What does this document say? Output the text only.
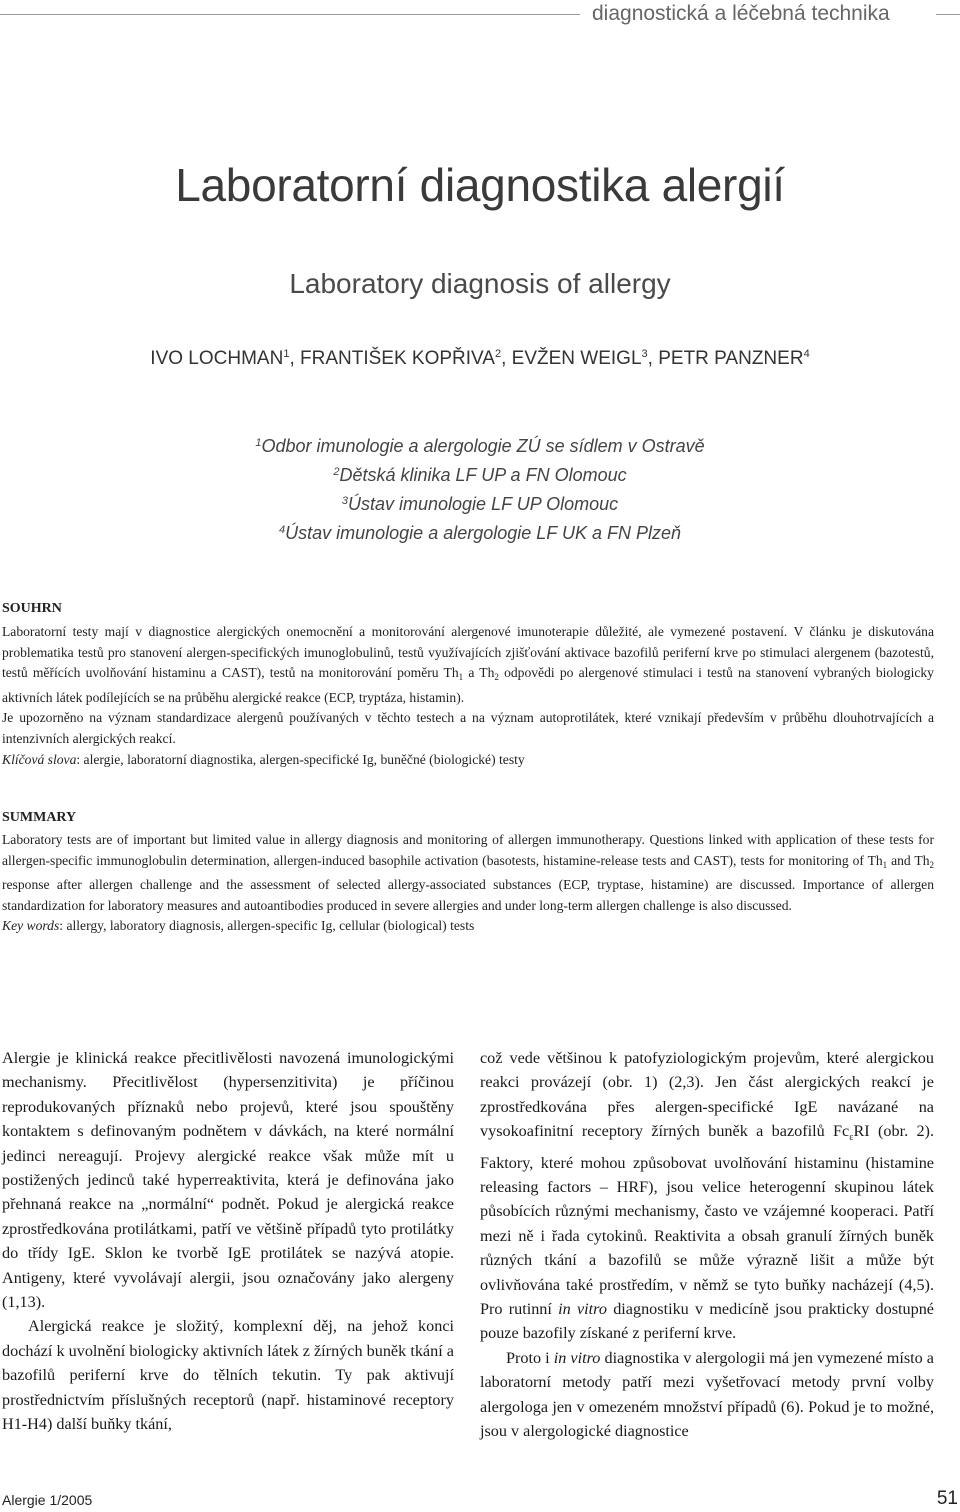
diagnostická a léčebná technika
Laboratorní diagnostika alergií
Laboratory diagnosis of allergy
IVO LOCHMAN$^1$, FRANTIŠEK KOPŘIVA$^2$, EVŽEN WEIGL$^3$, PETR PANZNER$^4$
$^1$Odbor imunologie a alergologie ZÚ se sídlem v Ostravě
$^2$Dětská klinika LF UP a FN Olomouc
$^3$Ústav imunologie LF UP Olomouc
$^4$Ústav imunologie a alergologie LF UK a FN Plzeň
SOUHRN

Laboratorní testy mají v diagnostice alergických onemocnění a monitorování alergenové imunoterapie důležité, ale vymezené postavení. V článku je diskutována problematika testů pro stanovení alergen-specifických imunoglobulinů, testů využívajících zjišťování aktivace bazofilů periferní krve po stimulaci alergenem (bazotestů, testů měřících uvolňování histaminu a CAST), testů na monitorování poměru $Th_1$ a $Th_2$ odpovědi po alergenové stimulaci i testů na stanovení vybraných biologicky aktivních látek podílejících se na průběhu alergické reakce (ECP, tryptáza, histamin).

Je upozorněno na význam standardizace alergenů používaných v těchto testech a na význam autoprotilátek, které vznikají především v průběhu dlouhotrvajících a intenzivních alergických reakcí.

Klíčová slova: alergie, laboratorní diagnostika, alergen-specifické Ig, buněčné (biologické) testy

SUMMARY

Laboratory tests are of important but limited value in allergy diagnosis and monitoring of allergen immunotherapy. Questions linked with application of these tests for allergen-specific immunoglobulin determination, allergen-induced basophile activation (basotests, histamine-release tests and CAST), tests for monitoring of $Th_1$ and $Th_2$ response after allergen challenge and the assessment of selected allergy-associated substances (ECP, tryptase, histamine) are discussed. Importance of allergen standardization for laboratory measures and autoantibodies produced in severe allergies and under long-term allergen challenge is also discussed.

Key words: allergy, laboratory diagnosis, allergen-specific Ig, cellular (biological) tests

Alergie je klinická reakce přecitlivělosti navozená imunologickými mechanismy. Přecitlivělost (hypersenzitivita) je příčinou reprodukovaných příznaků nebo projevů, které jsou spouštěny kontaktem s definovaným podnětem v dávkách, na které normální jedinci nereagují. Projevy alergické reakce však může mít u postižených jedinců také hyperreaktivita, která je definována jako přehnaná reakce na „normální“ podnět. Pokud je alergická reakce zprostředkována protilátkami, patří ve většině případů tyto protilátky do třídy IgE. Sklon ke tvorbě IgE protilátek se nazývá atopie. Antigeny, které vyvolávají alergii, jsou označovány jako alergeny (1,13).

Alergická reakce je složitý, komplexní děj, na jehož konci dochází k uvolnění biologicky aktivních látek z žírných buněk tkání a bazofilů periferní krve do tělních tekutin. Ty pak aktivují prostřednictvím příslušných receptorů (např. histaminové receptory H1-H4) další buňky tkání,

což vede většinou k patofyziologickým projevům, které alergickou reakci provázejí (obr. 1) (2,3). Jen část alergických reakcí je zprostředkována přes alergen-specifické IgE navázané na vysokoafinitní receptory žírných buněk a bazofilů $Fc_\varepsilon RI$ (obr. 2). Faktory, které mohou způsobovat uvolňování histaminu (histamine releasing factors – HRF), jsou velice heterogenní skupinou látek působících různými mechanismy, často ve vzájemné kooperaci. Patří mezi ně i řada cytokinů. Reaktivita a obsah granulí žírných buněk různých tkání a bazofilů se může výrazně lišit a může být ovlivňována také prostředím, v němž se tyto buňky nacházejí (4,5). Pro rutinní in vitro diagnostiku v medicíně jsou prakticky dostupné pouze bazofily získané z periferní krve.

Proto i in vitro diagnostika v alergologii má jen vymezené místo a laboratorní metody patří mezi vyšetřovací metody první volby alergologa jen v omezeném množství případů (6). Pokud je to možné, jsou v alergologické diagnostice

Alergie 1/2005	51
